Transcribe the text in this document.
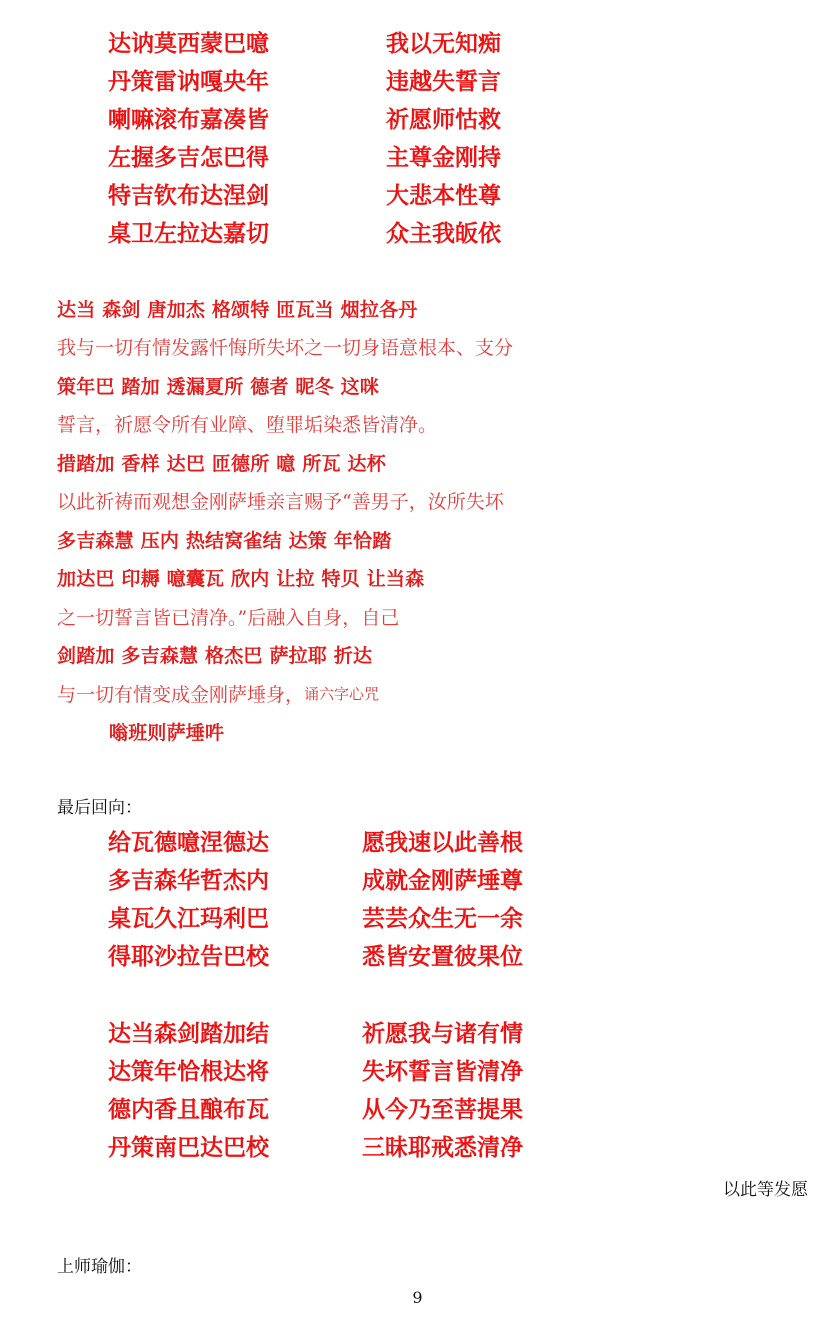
达讷莫西蒙巴噫	我以无知痴
丹策雷讷嘎央年	违越失誓言
喇嘛滚布嘉凑皆	祈愿师怙救
左握多吉怎巴得	主尊金刚持
特吉钦布达涅剑	大悲本性尊
桌卫左拉达嘉切	众主我皈依
达当 森剑 唐加杰 格颂特 匝瓦当 烟拉各丹
我与一切有情发露忏悔所失坏之一切身语意根本、支分
策年巴 踏加 透漏夏所 德者 昵冬 这咪
誓言，祈愿令所有业障、堕罪垢染悉皆清净。
措踏加 香样 达巴 匝德所 噫 所瓦 达杯
以此祈祷而观想金刚萨埵亲言赐予“善男子，汝所失坏
多吉森慧 压内 热结窝雀结 达策 年恰踏
加达巴 印耨 噫囊瓦 欣内 让拉 特贝 让当森
之一切誓言皆已清净。”后融入自身，自己
剑踏加 多吉森慧 格杰巴 萨拉耶 折达
与一切有情变成金刚萨埵身， 诵六字心咒
嗡班则萨埵吽
最后回向：
给瓦德噫涅德达	愿我速以此善根
多吉森华哲杰内	成就金刚萨埵尊
桌瓦久江玛利巴	芸芸众生无一余
得耶沙拉告巴校	悉皆安置彼果位
达当森剑踏加结	祈愿我与诸有情
达策年恰根达将	失坏誓言皆清净
德内香且酿布瓦	从今乃至菩提果
丹策南巴达巴校	三昧耶戒悉清净
以此等发愿
上师瑜伽：
9
